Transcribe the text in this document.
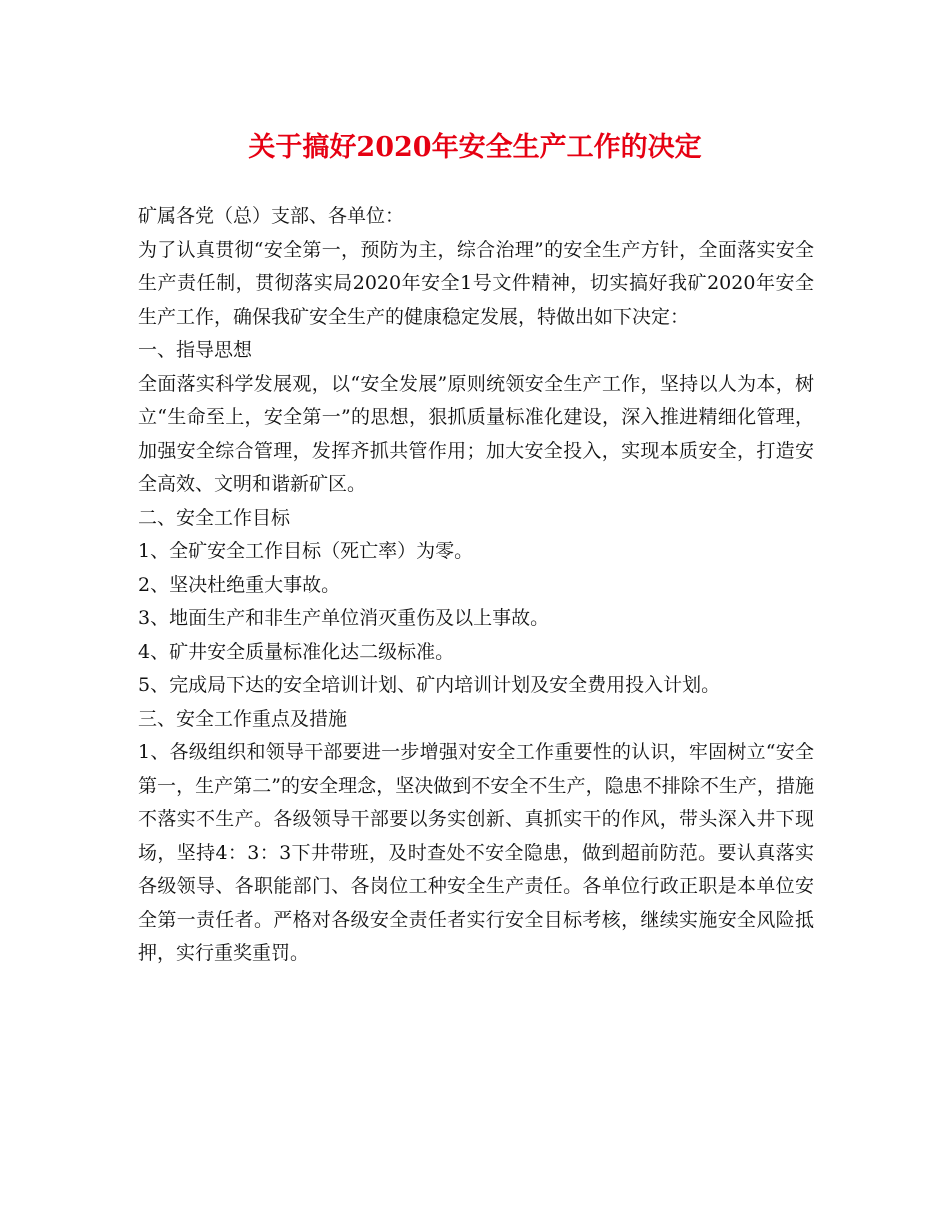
关于搞好2020年安全生产工作的决定

矿属各党（总）支部、各单位：

为了认真贯彻“安全第一，预防为主，综合治理”的安全生产方针，全面落实安全生产责任制，贯彻落实局2020年安全1号文件精神，切实搞好我矿2020年安全生产工作，确保我矿安全生产的健康稳定发展，特做出如下决定：

一、指导思想

全面落实科学发展观，以“安全发展”原则统领安全生产工作，坚持以人为本，树立“生命至上，安全第一”的思想，狠抓质量标准化建设，深入推进精细化管理，加强安全综合管理，发挥齐抓共管作用；加大安全投入，实现本质安全，打造安全高效、文明和谐新矿区。

二、安全工作目标

1、全矿安全工作目标（死亡率）为零。

2、坚决杜绝重大事故。

3、地面生产和非生产单位消灭重伤及以上事故。

4、矿井安全质量标准化达二级标准。

5、完成局下达的安全培训计划、矿内培训计划及安全费用投入计划。

三、安全工作重点及措施

1、各级组织和领导干部要进一步增强对安全工作重要性的认识，牢固树立“安全第一，生产第二”的安全理念，坚决做到不安全不生产，隐患不排除不生产，措施不落实不生产。各级领导干部要以务实创新、真抓实干的作风，带头深入井下现场，坚持4：3：3下井带班，及时查处不安全隐患，做到超前防范。要认真落实各级领导、各职能部门、各岗位工种安全生产责任。各单位行政正职是本单位安全第一责任者。严格对各级安全责任者实行安全目标考核，继续实施安全风险抵押，实行重奖重罚。
